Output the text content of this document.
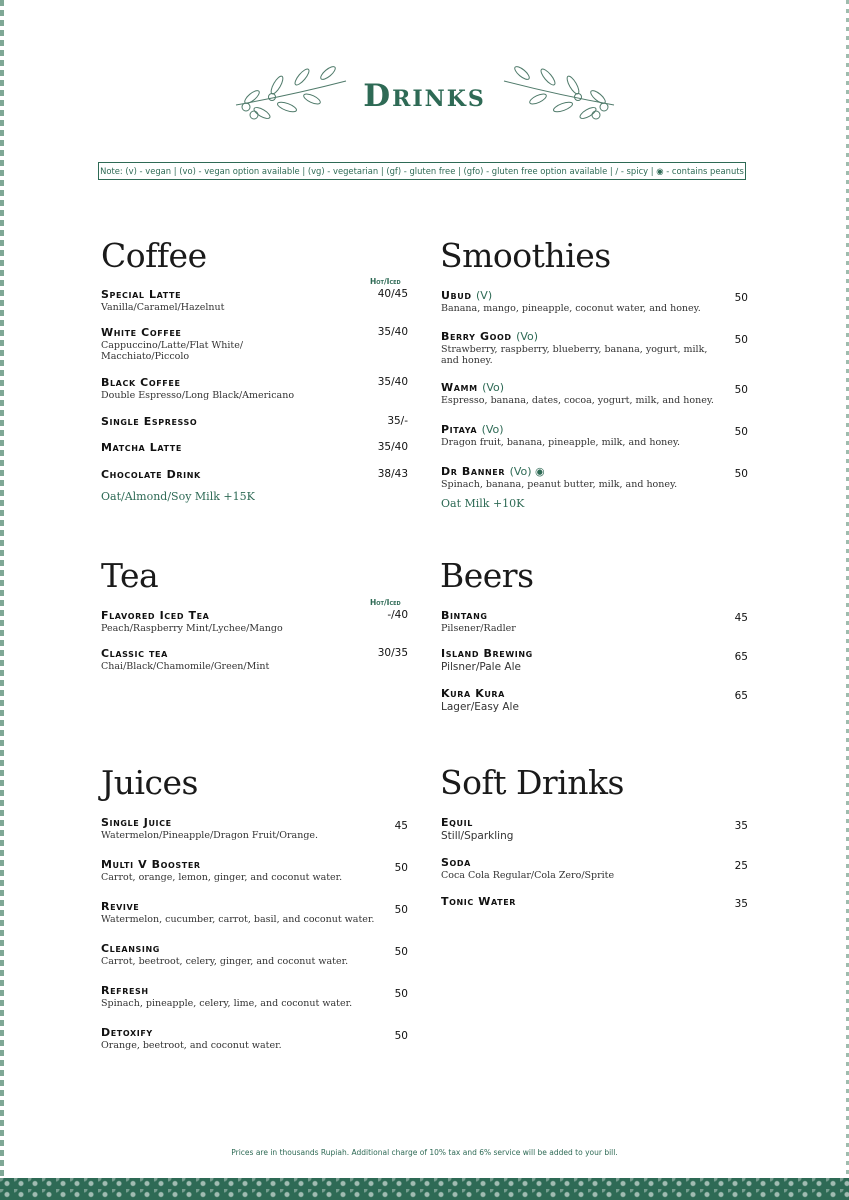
Drinks
Note: (v) - vegan | (vo) - vegan option available | (vg) - vegetarian | (gf) - gluten free | (gfo) - gluten free option available | ∕ - spicy | ◉ - contains peanuts
Coffee
Hot/Iced
Special Latte
Vanilla/Caramel/Hazelnut
40/45
White Coffee
Cappuccino/Latte/Flat White/ Macchiato/Piccolo
35/40
Black Coffee
Double Espresso/Long Black/Americano
35/40
Single Espresso	35/-
Matcha Latte	35/40
Chocolate Drink	38/43
Oat/Almond/Soy Milk +15K
Smoothies
Ubud (V)
Banana, mango, pineapple, coconut water, and honey.
50
Berry Good (Vo)
Strawberry, raspberry, blueberry, banana, yogurt, milk, and honey.
50
Wamm (Vo)
Espresso, banana, dates, cocoa, yogurt, milk, and honey.
50
Pitaya (Vo)
Dragon fruit, banana, pineapple, milk, and honey.
50
Dr Banner (Vo) ◉
Spinach, banana, peanut butter, milk, and honey.
50
Oat Milk +10K
Tea
Hot/Iced
Flavored Iced Tea
Peach/Raspberry Mint/Lychee/Mango
-/40
Classic tea
Chai/Black/Chamomile/Green/Mint
30/35
Beers
Bintang
Pilsener/Radler
45
Island Brewing
Pilsner/Pale Ale
65
Kura Kura
Lager/Easy Ale
65
Juices
Single Juice
Watermelon/Pineapple/Dragon Fruit/Orange.
45
Multi V Booster
Carrot, orange, lemon, ginger, and coconut water.
50
Revive
Watermelon, cucumber, carrot, basil, and coconut water.
50
Cleansing
Carrot, beetroot, celery, ginger, and coconut water.
50
Refresh
Spinach, pineapple, celery, lime, and coconut water.
50
Detoxify
Orange, beetroot, and coconut water.
50
Soft Drinks
Equil
Still/Sparkling
35
Soda
Coca Cola Regular/Cola Zero/Sprite
25
Tonic Water	35
Prices are in thousands Rupiah. Additional charge of 10% tax and 6% service will be added to your bill.
